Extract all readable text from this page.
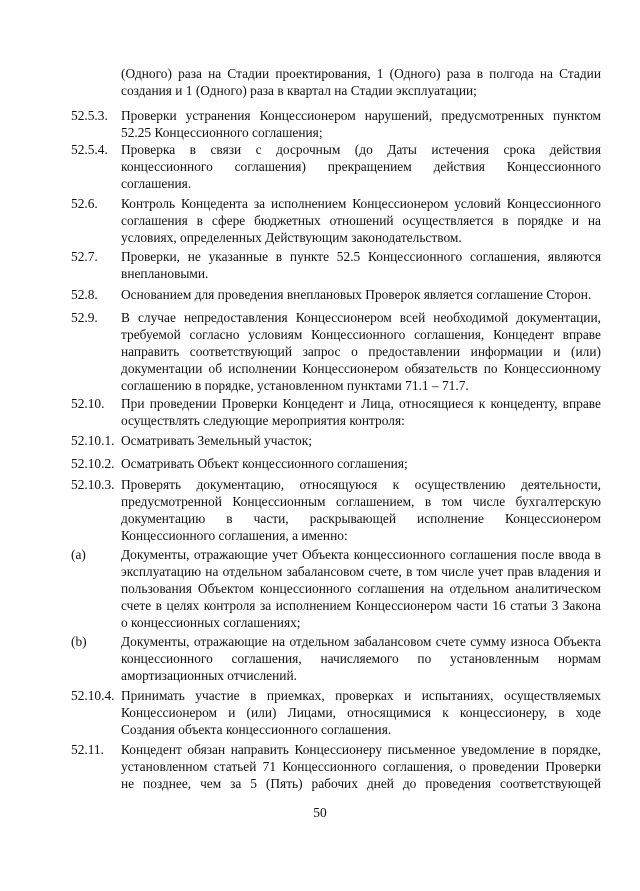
(Одного) раза на Стадии проектирования, 1 (Одного) раза в полгода на Стадии
создания и 1 (Одного) раза в квартал на Стадии эксплуатации;
52.5.3. Проверки устранения Концессионером нарушений, предусмотренных пунктом
52.25 Концессионного соглашения;
52.5.4. Проверка в связи с досрочным (до Даты истечения срока действия
концессионного соглашения) прекращением действия Концессионного
соглашения.
52.6. Контроль Концедента за исполнением Концессионером условий Концессионного
соглашения в сфере бюджетных отношений осуществляется в порядке и на
условиях, определенных Действующим законодательством.
52.7. Проверки, не указанные в пункте 52.5 Концессионного соглашения, являются
внеплановыми.
52.8. Основанием для проведения внеплановых Проверок является соглашение Сторон.
52.9. В случае непредоставления Концессионером всей необходимой документации,
требуемой согласно условиям Концессионного соглашения, Концедент вправе
направить соответствующий запрос о предоставлении информации и (или)
документации об исполнении Концессионером обязательств по Концессионному
соглашению в порядке, установленном пунктами 71.1 – 71.7.
52.10. При проведении Проверки Концедент и Лица, относящиеся к концеденту, вправе
осуществлять следующие мероприятия контроля:
52.10.1. Осматривать Земельный участок;
52.10.2. Осматривать Объект концессионного соглашения;
52.10.3. Проверять документацию, относящуюся к осуществлению деятельности,
предусмотренной Концессионным соглашением, в том числе бухгалтерскую
документацию в части, раскрывающей исполнение Концессионером
Концессионного соглашения, а именно:
(a)	Документы, отражающие учет Объекта концессионного соглашения после ввода в
эксплуатацию на отдельном забалансовом счете, в том числе учет прав владения и
пользования Объектом концессионного соглашения на отдельном аналитическом
счете в целях контроля за исполнением Концессионером части 16 статьи 3 Закона
о концессионных соглашениях;
(b)	Документы, отражающие на отдельном забалансовом счете сумму износа Объекта
концессионного соглашения, начисляемого по установленным нормам
амортизационных отчислений.
52.10.4. Принимать участие в приемках, проверках и испытаниях, осуществляемых
Концессионером и (или) Лицами, относящимися к концессионеру, в ходе
Создания объекта концессионного соглашения.
52.11. Концедент обязан направить Концессионеру письменное уведомление в порядке,
установленном статьей 71 Концессионного соглашения, о проведении Проверки
не позднее, чем за 5 (Пять) рабочих дней до проведения соответствующей
50
